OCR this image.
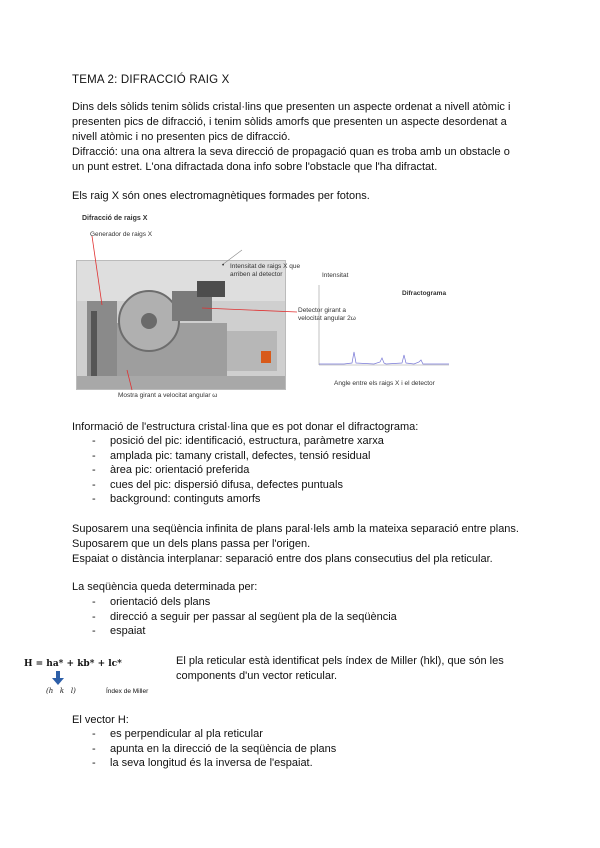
TEMA 2: DIFRACCIÓ RAIG X
Dins dels sòlids tenim sòlids cristal·lins que presenten un aspecte ordenat a nivell atòmic i
presenten pics de difracció, i tenim sòlids amorfs que presenten un aspecte desordenat a
nivell atòmic i no presenten pics de difracció.
Difracció: una ona altrera la seva direcció de propagació quan es troba amb un obstacle o
un punt estret. L'ona difractada dona info sobre l'obstacle que l'ha difractat.
Els raig X són ones electromagnètiques formades per fotons.
Difracció de raigs X
Generador de raigs X
Detector girant a
velocitat angular 2ω
Mostra girant a velocitat angular ω
• Intensitat de raigs X que
arriben al detector	Intensitat
Difractograma
Angle entre els raigs X i el detector
Informació de l'estructura cristal·lina que es pot donar el difractograma:
- posició del pic: identificació, estructura, paràmetre xarxa
- amplada pic: tamany cristall, defectes, tensió residual
- àrea pic: orientació preferida
- cues del pic: dispersió difusa, defectes puntuals
- background: continguts amorfs
Suposarem una seqüència infinita de plans paral·lels amb la mateixa separació entre plans.
Suposarem que un dels plans passa per l'origen.
Espaiat o distància interplanar: separació entre dos plans consecutius del pla reticular.
La seqüència queda determinada per:
- orientació dels plans
- direcció a seguir per passar al següent pla de la seqüència
- espaiat
H = ha* + kb* + lc*
(h   k   l)	Índex de Miller
El pla reticular està identificat pels índex de Miller (hkl), que són les
components d'un vector reticular.
El vector H:
- es perpendicular al pla reticular
- apunta en la direcció de la seqüència de plans
- la seva longitud és la inversa de l'espaiat.
